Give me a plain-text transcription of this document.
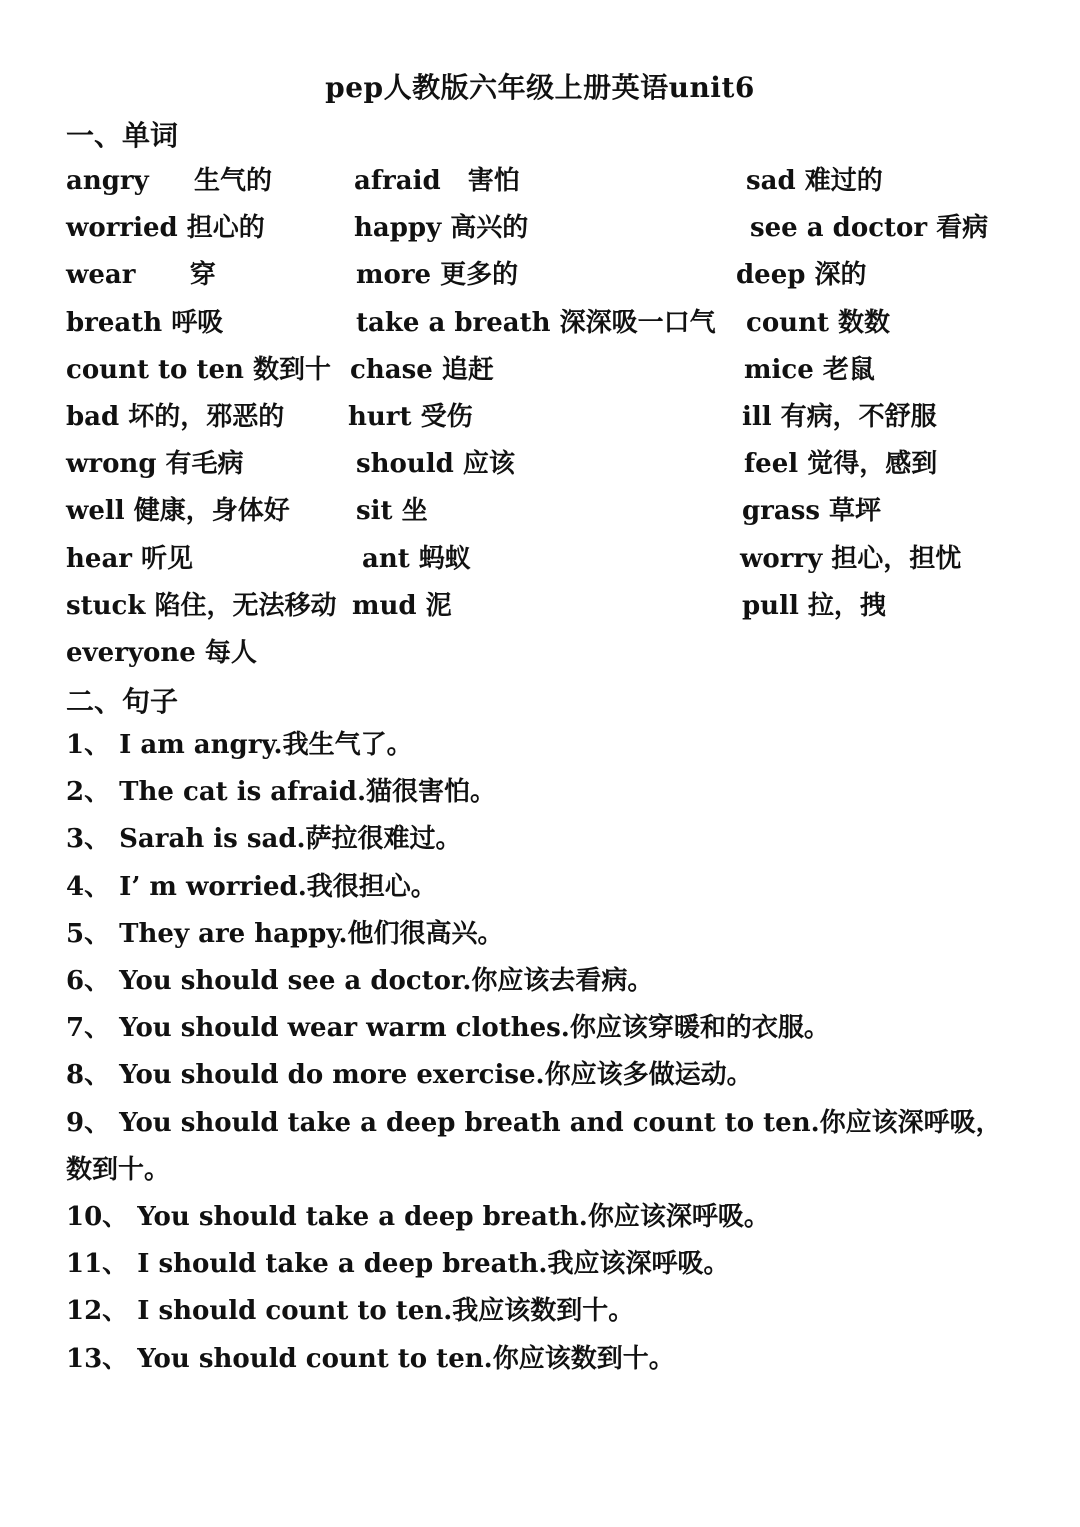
pep人教版六年级上册英语unit6
一、单词
angry     生气的	afraid   害怕	sad 难过的
worried 担心的	happy 高兴的	see a doctor 看病
wear      穿	more 更多的	deep 深的
breath 呼吸	take a breath 深深吸一口气 count 数数
count to ten 数到十 chase 追赶	mice 老鼠
bad 坏的，邪恶的 hurt 受伤	ill 有病，不舒服
wrong 有毛病	should 应该	feel 觉得，感到
well 健康，身体好	sit 坐	grass 草坪
hear 听见	ant 蚂蚁	worry 担心，担忧
stuck 陷住，无法移动 mud 泥	pull 拉，拽
everyone 每人
二、句子

1、 I am angry.我生气了。

2、 The cat is afraid.猫很害怕。

3、 Sarah is sad.萨拉很难过。

4、 I’ m worried.我很担心。

5、 They are happy.他们很高兴。

6、 You should see a doctor.你应该去看病。

7、 You should wear warm clothes.你应该穿暖和的衣服。

8、 You should do more exercise.你应该多做运动。

9、 You should take a deep breath and count to ten.你应该深呼吸，数到十。

10、 You should take a deep breath.你应该深呼吸。

11、 I should take a deep breath.我应该深呼吸。

12、 I should count to ten.我应该数到十。

13、 You should count to ten.你应该数到十。
